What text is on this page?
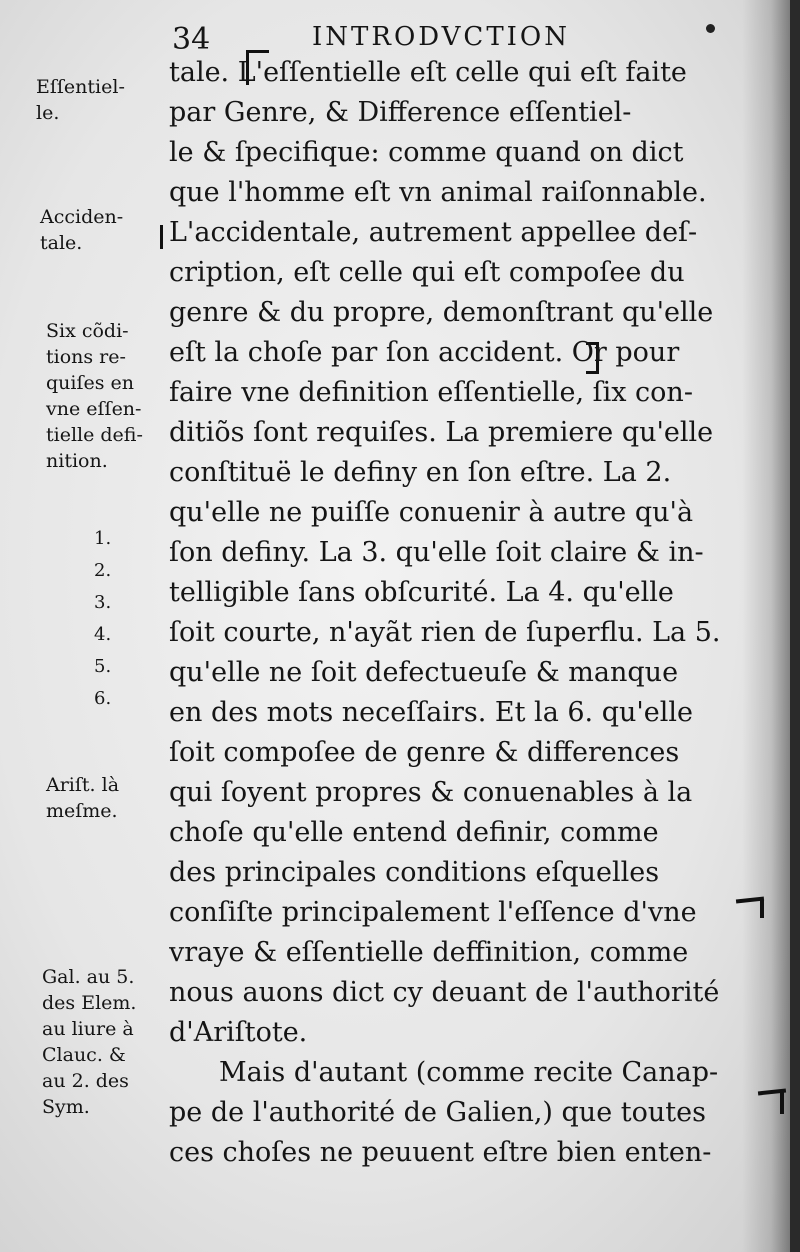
34	INTRODVCTION
Eſſentiel-
le.
Acciden-
tale.
Six cõdi-
tions re-
quiſes en
vne eſſen-
tielle defi-
nition.
1.
2.
3.
4.
5.
6.
Ariſt. là
meſme.
Gal. au 5.
des Elem.
au liure à
Clauc. &
au 2. des
Sym.
tale. L'eſſentielle eſt celle qui eſt faite
par Genre, & Difference eſſentiel-
le & ſpecifique: comme quand on dict
que l'homme eſt vn animal raiſonnable.
L'accidentale, autrement appellee deſ-
cription, eſt celle qui eſt compoſee du
genre & du propre, demonſtrant qu'elle
eſt la choſe par ſon accident. Or pour
faire vne definition eſſentielle, ſix con-
ditiõs ſont requiſes. La premiere qu'elle
conſtituë le definy en ſon eſtre. La 2.
qu'elle ne puiſſe conuenir à autre qu'à
ſon definy. La 3. qu'elle ſoit claire & in-
telligible ſans obſcurité. La 4. qu'elle
ſoit courte, n'ayãt rien de ſuperflu. La 5.
qu'elle ne ſoit defectueuſe & manque
en des mots neceſſairs. Et la 6. qu'elle
ſoit compoſee de genre & differences
qui ſoyent propres & conuenables à la
choſe qu'elle entend definir, comme
des principales conditions eſquelles
conſiſte principalement l'eſſence d'vne
vraye & eſſentielle deffinition, comme
nous auons dict cy deuant de l'authorité
d'Ariſtote.
Mais d'autant (comme recite Canap-
pe de l'authorité de Galien,) que toutes
ces choſes ne peuuent eſtre bien enten-
